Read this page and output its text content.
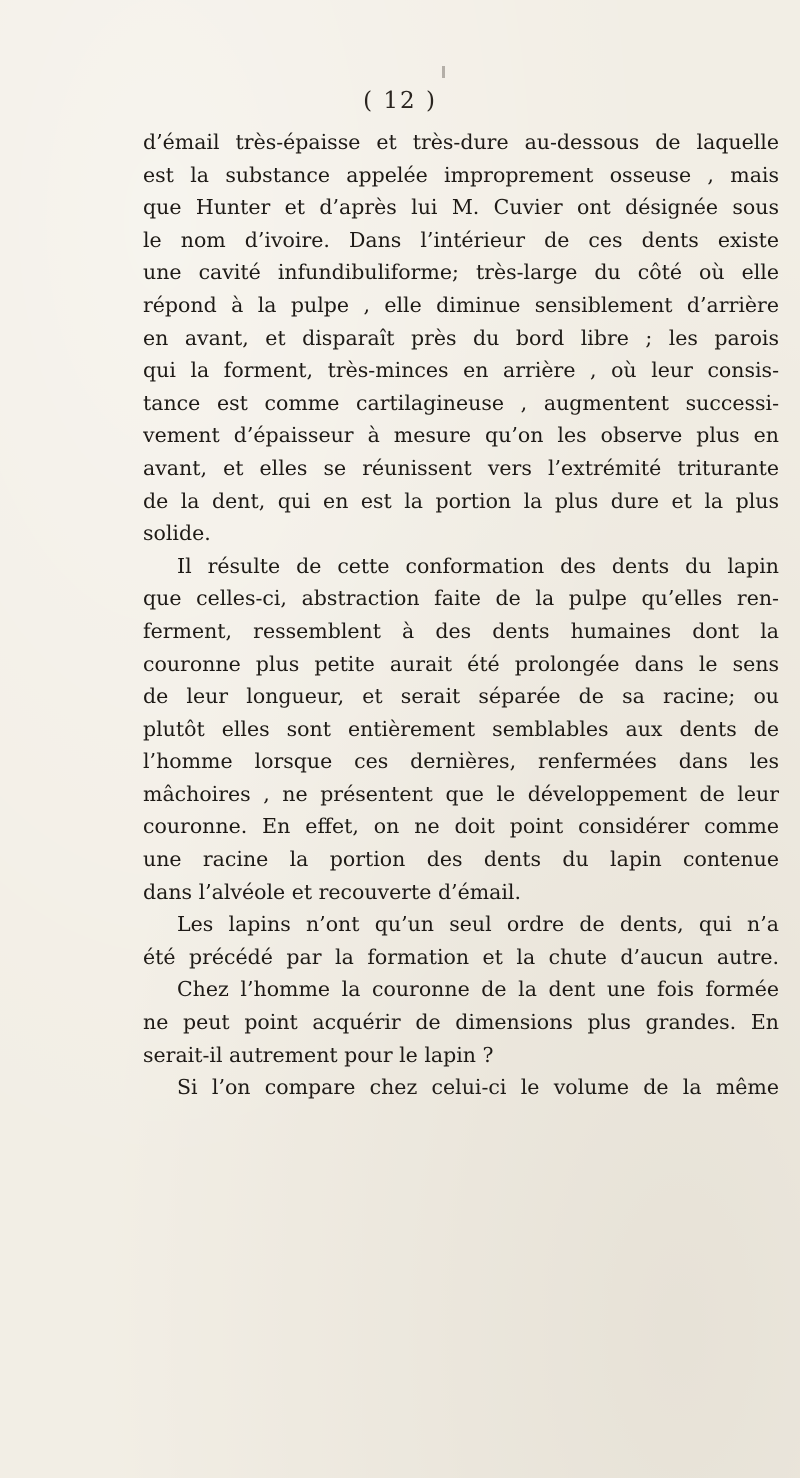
( 12 )
d’émail très-épaisse et très-dure au-dessous de laquelle
est la substance appelée improprement osseuse , mais
que Hunter et d’après lui M. Cuvier ont désignée sous
le nom d’ivoire. Dans l’intérieur de ces dents existe
une cavité infundibuliforme; très-large du côté où elle
répond à la pulpe , elle diminue sensiblement d’arrière
en avant, et disparaît près du bord libre ; les parois
qui la forment, très-minces en arrière , où leur consis-
tance est comme cartilagineuse , augmentent successi-
vement d’épaisseur à mesure qu’on les observe plus en
avant, et elles se réunissent vers l’extrémité triturante
de la dent, qui en est la portion la plus dure et la plus
solide.
Il résulte de cette conformation des dents du lapin
que celles-ci, abstraction faite de la pulpe qu’elles ren-
ferment, ressemblent à des dents humaines dont la
couronne plus petite aurait été prolongée dans le sens
de leur longueur, et serait séparée de sa racine; ou
plutôt elles sont entièrement semblables aux dents de
l’homme lorsque ces dernières, renfermées dans les
mâchoires , ne présentent que le développement de leur
couronne. En effet, on ne doit point considérer comme
une racine la portion des dents du lapin contenue
dans l’alvéole et recouverte d’émail.
Les lapins n’ont qu’un seul ordre de dents, qui n’a
été précédé par la formation et la chute d’aucun autre.
Chez l’homme la couronne de la dent une fois formée
ne peut point acquérir de dimensions plus grandes. En
serait-il autrement pour le lapin ?
Si l’on compare chez celui-ci le volume de la même
